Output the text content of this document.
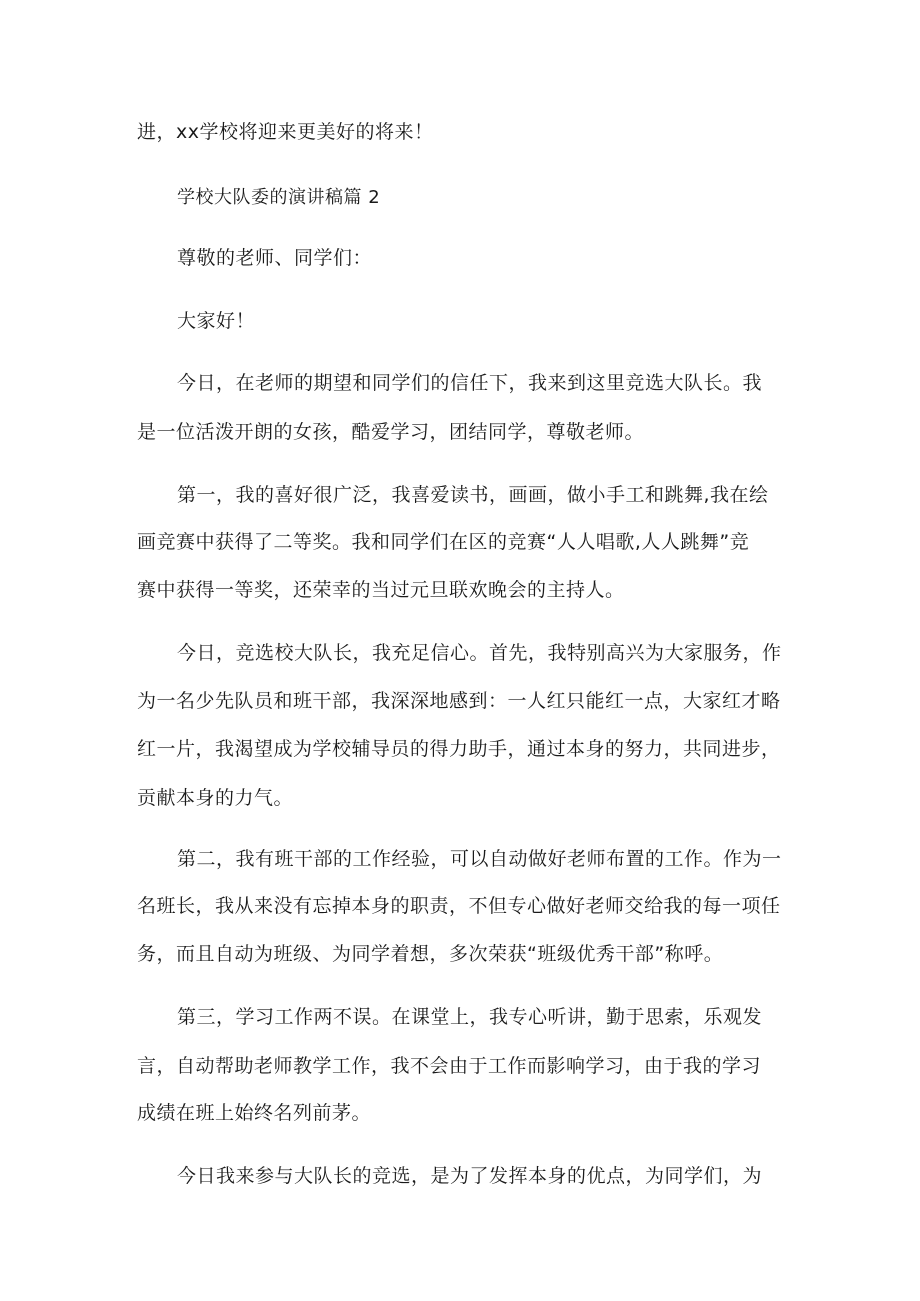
进，xx学校将迎来更美好的将来！
学校大队委的演讲稿篇 2
尊敬的老师、同学们：
大家好！
今日，在老师的期望和同学们的信任下，我来到这里竞选大队长。我
是一位活泼开朗的女孩，酷爱学习，团结同学，尊敬老师。
第一，我的喜好很广泛，我喜爱读书，画画，做小手工和跳舞,我在绘
画竞赛中获得了二等奖。我和同学们在区的竞赛“人人唱歌,人人跳舞”竞
赛中获得一等奖，还荣幸的当过元旦联欢晚会的主持人。
今日，竞选校大队长，我充足信心。首先，我特别高兴为大家服务，作
为一名少先队员和班干部，我深深地感到：一人红只能红一点，大家红才略
红一片，我渴望成为学校辅导员的得力助手，通过本身的努力，共同进步，
贡献本身的力气。
第二，我有班干部的工作经验，可以自动做好老师布置的工作。作为一
名班长，我从来没有忘掉本身的职责，不但专心做好老师交给我的每一项任
务，而且自动为班级、为同学着想，多次荣获“班级优秀干部”称呼。
第三，学习工作两不误。在课堂上，我专心听讲，勤于思索，乐观发
言，自动帮助老师教学工作，我不会由于工作而影响学习，由于我的学习
成绩在班上始终名列前茅。
今日我来参与大队长的竞选，是为了发挥本身的优点，为同学们，为
